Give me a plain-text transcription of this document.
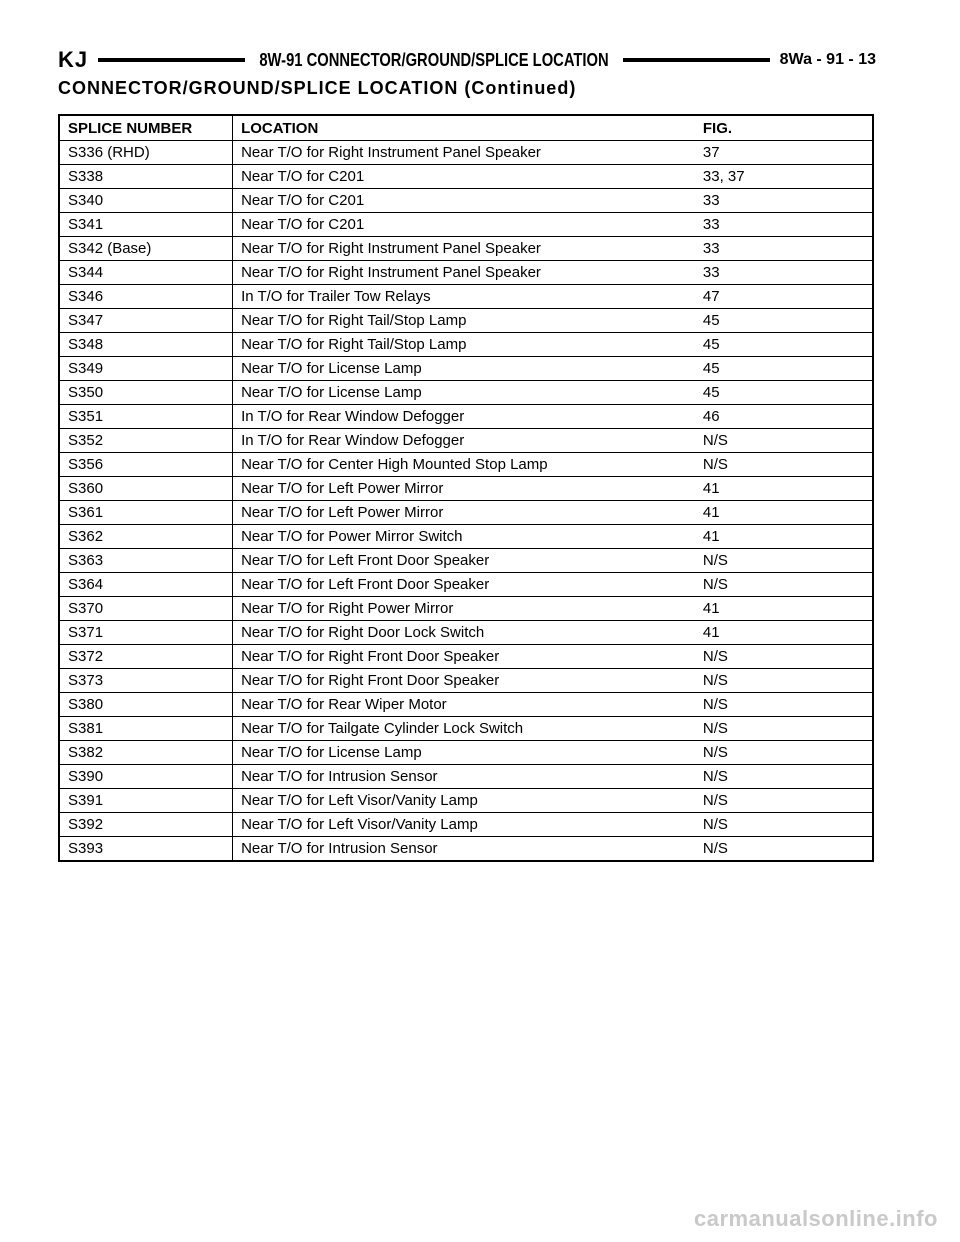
KJ	8W-91 CONNECTOR/GROUND/SPLICE LOCATION	8Wa - 91 - 13
CONNECTOR/GROUND/SPLICE LOCATION (Continued)
SPLICE NUMBER	LOCATION	FIG.
S336 (RHD)	Near T/O for Right Instrument Panel Speaker	37
S338	Near T/O for C201	33, 37
S340	Near T/O for C201	33
S341	Near T/O for C201	33
S342 (Base)	Near T/O for Right Instrument Panel Speaker	33
S344	Near T/O for Right Instrument Panel Speaker	33
S346	In T/O for Trailer Tow Relays	47
S347	Near T/O for Right Tail/Stop Lamp	45
S348	Near T/O for Right Tail/Stop Lamp	45
S349	Near T/O for License Lamp	45
S350	Near T/O for License Lamp	45
S351	In T/O for Rear Window Defogger	46
S352	In T/O for Rear Window Defogger	N/S
S356	Near T/O for Center High Mounted Stop Lamp	N/S
S360	Near T/O for Left Power Mirror	41
S361	Near T/O for Left Power Mirror	41
S362	Near T/O for Power Mirror Switch	41
S363	Near T/O for Left Front Door Speaker	N/S
S364	Near T/O for Left Front Door Speaker	N/S
S370	Near T/O for Right Power Mirror	41
S371	Near T/O for Right Door Lock Switch	41
S372	Near T/O for Right Front Door Speaker	N/S
S373	Near T/O for Right Front Door Speaker	N/S
S380	Near T/O for Rear Wiper Motor	N/S
S381	Near T/O for Tailgate Cylinder Lock Switch	N/S
S382	Near T/O for License Lamp	N/S
S390	Near T/O for Intrusion Sensor	N/S
S391	Near T/O for Left Visor/Vanity Lamp	N/S
S392	Near T/O for Left Visor/Vanity Lamp	N/S
S393	Near T/O for Intrusion Sensor	N/S
carmanualsonline.info
